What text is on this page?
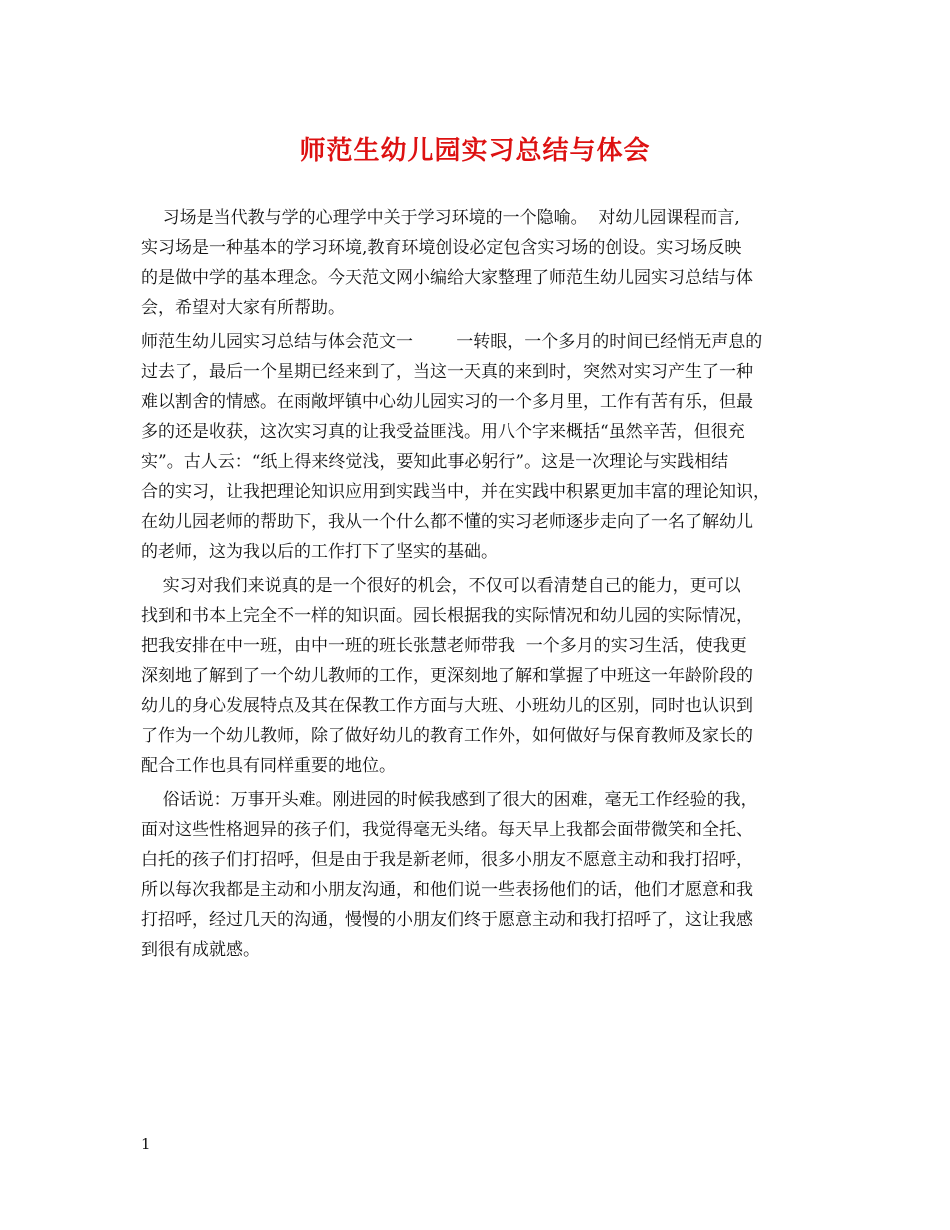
师范生幼儿园实习总结与体会
习场是当代教与学的心理学中关于学习环境的一个隐喻。  对幼儿园课程而言,
实习场是一种基本的学习环境,教育环境创设必定包含实习场的创设。实习场反映
的是做中学的基本理念。今天范文网小编给大家整理了师范生幼儿园实习总结与体
会，希望对大家有所帮助。
师范生幼儿园实习总结与体会范文一        一转眼，一个多月的时间已经悄无声息的
过去了，最后一个星期已经来到了，当这一天真的来到时，突然对实习产生了一种
难以割舍的情感。在雨敞坪镇中心幼儿园实习的一个多月里，工作有苦有乐，但最
多的还是收获，这次实习真的让我受益匪浅。用八个字来概括“虽然辛苦，但很充
实”。古人云：“纸上得来终觉浅，要知此事必躬行”。这是一次理论与实践相结
合的实习，让我把理论知识应用到实践当中，并在实践中积累更加丰富的理论知识，
在幼儿园老师的帮助下，我从一个什么都不懂的实习老师逐步走向了一名了解幼儿
的老师，这为我以后的工作打下了坚实的基础。
实习对我们来说真的是一个很好的机会，不仅可以看清楚自己的能力，更可以
找到和书本上完全不一样的知识面。园长根据我的实际情况和幼儿园的实际情况，
把我安排在中一班，由中一班的班长张慧老师带我  一个多月的实习生活，使我更
深刻地了解到了一个幼儿教师的工作，更深刻地了解和掌握了中班这一年龄阶段的
幼儿的身心发展特点及其在保教工作方面与大班、小班幼儿的区别，同时也认识到
了作为一个幼儿教师，除了做好幼儿的教育工作外，如何做好与保育教师及家长的
配合工作也具有同样重要的地位。
俗话说：万事开头难。刚进园的时候我感到了很大的困难，毫无工作经验的我，
面对这些性格迥异的孩子们，我觉得毫无头绪。每天早上我都会面带微笑和全托、
白托的孩子们打招呼，但是由于我是新老师，很多小朋友不愿意主动和我打招呼，
所以每次我都是主动和小朋友沟通，和他们说一些表扬他们的话，他们才愿意和我
打招呼，经过几天的沟通，慢慢的小朋友们终于愿意主动和我打招呼了，这让我感
到很有成就感。
1
